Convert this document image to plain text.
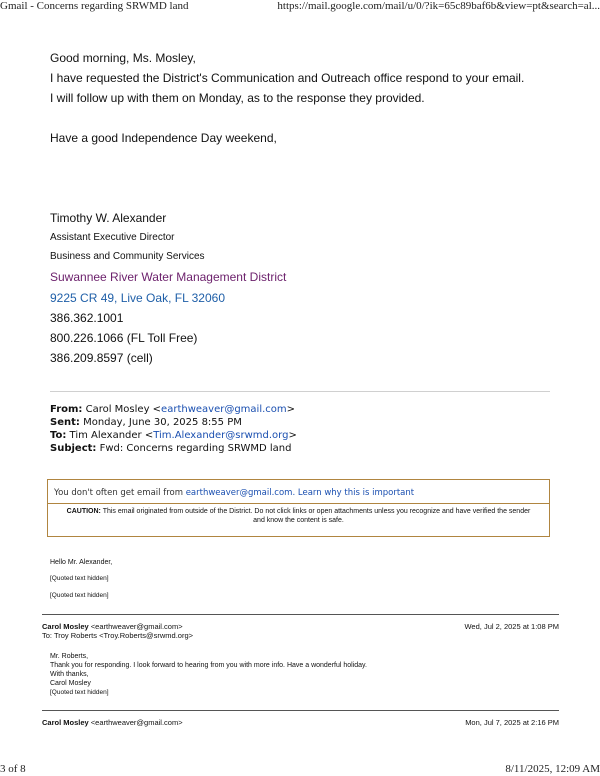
Gmail - Concerns regarding SRWMD land	https://mail.google.com/mail/u/0/?ik=65c89baf6b&view=pt&search=al...
Good morning, Ms. Mosley,
I have requested the District's Communication and Outreach office respond to your email.
I will follow up with them on Monday, as to the response they provided.
Have a good Independence Day weekend,
Timothy W. Alexander
Assistant Executive Director
Business and Community Services
Suwannee River Water Management District
9225 CR 49, Live Oak, FL 32060
386.362.1001
800.226.1066 (FL Toll Free)
386.209.8597 (cell)
From: Carol Mosley <earthweaver@gmail.com>
Sent: Monday, June 30, 2025 8:55 PM
To: Tim Alexander <Tim.Alexander@srwmd.org>
Subject: Fwd: Concerns regarding SRWMD land
You don't often get email from earthweaver@gmail.com. Learn why this is important
CAUTION: This email originated from outside of the District. Do not click links or open attachments unless you recognize and have verified the sender
and know the content is safe.
Hello Mr. Alexander,
[Quoted text hidden]
[Quoted text hidden]
Carol Mosley <earthweaver@gmail.com>	Wed, Jul 2, 2025 at 1:08 PM
To: Troy Roberts <Troy.Roberts@srwmd.org>
Mr. Roberts,
Thank you for responding. I look forward to hearing from you with more info. Have a wonderful holiday.
With thanks,
Carol Mosley
[Quoted text hidden]
Carol Mosley <earthweaver@gmail.com>	Mon, Jul 7, 2025 at 2:16 PM
3 of 8	8/11/2025, 12:09 AM
